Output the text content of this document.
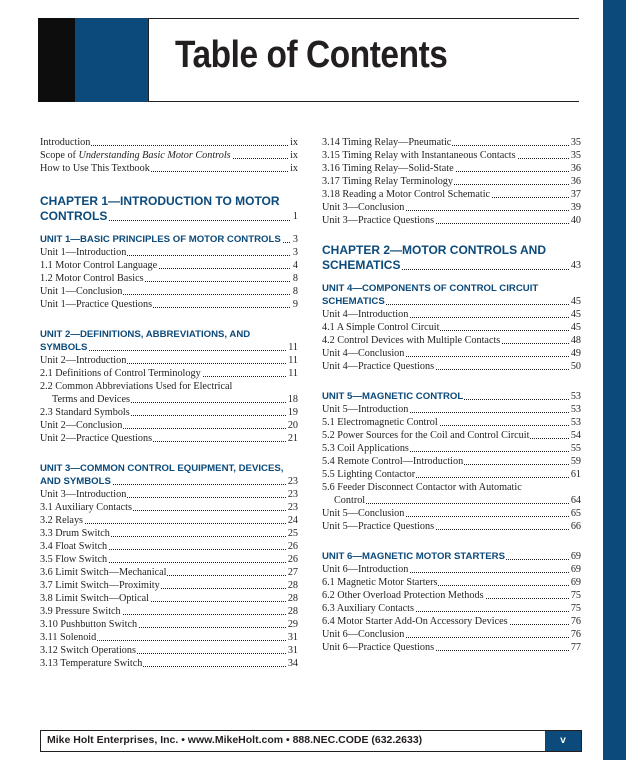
Table of Contents
Introduction	ix
Scope of Understanding Basic Motor Controls	ix
How to Use This Textbook	ix
CHAPTER 1—INTRODUCTION TO MOTOR
CONTROLS	1
UNIT 1—BASIC PRINCIPLES OF MOTOR CONTROLS 3
Unit 1—Introduction	3
1.1 Motor Control Language	4
1.2 Motor Control Basics	8
Unit 1—Conclusion	8
Unit 1—Practice Questions	9
UNIT 2—DEFINITIONS, ABBREVIATIONS, AND
SYMBOLS	11
Unit 2—Introduction	11
2.1 Definitions of Control Terminology	11
2.2 Common Abbreviations Used for Electrical
Terms and Devices	18
2.3 Standard Symbols	19
Unit 2—Conclusion	20
Unit 2—Practice Questions	21
UNIT 3—COMMON CONTROL EQUIPMENT, DEVICES,
AND SYMBOLS	23
Unit 3—Introduction	23
3.1 Auxiliary Contacts	23
3.2 Relays	24
3.3 Drum Switch	25
3.4 Float Switch	26
3.5 Flow Switch	26
3.6 Limit Switch—Mechanical	27
3.7 Limit Switch—Proximity	28
3.8 Limit Switch—Optical	28
3.9 Pressure Switch	28
3.10 Pushbutton Switch	29
3.11 Solenoid	31
3.12 Switch Operations	31
3.13 Temperature Switch	34
3.14 Timing Relay—Pneumatic	35
3.15 Timing Relay with Instantaneous Contacts	35
3.16 Timing Relay—Solid-State	36
3.17 Timing Relay Terminology	36
3.18 Reading a Motor Control Schematic	37
Unit 3—Conclusion	39
Unit 3—Practice Questions	40
CHAPTER 2—MOTOR CONTROLS AND
SCHEMATICS	43
UNIT 4—COMPONENTS OF CONTROL CIRCUIT
SCHEMATICS	45
Unit 4—Introduction	45
4.1 A Simple Control Circuit	45
4.2 Control Devices with Multiple Contacts	48
Unit 4—Conclusion	49
Unit 4—Practice Questions	50
UNIT 5—MAGNETIC CONTROL	53
Unit 5—Introduction	53
5.1 Electromagnetic Control	53
5.2 Power Sources for the Coil and Control Circuit	54
5.3 Coil Applications	55
5.4 Remote Control—Introduction	59
5.5 Lighting Contactor	61
5.6 Feeder Disconnect Contactor with Automatic
Control	64
Unit 5—Conclusion	65
Unit 5—Practice Questions	66
UNIT 6—MAGNETIC MOTOR STARTERS	69
Unit 6—Introduction	69
6.1 Magnetic Motor Starters	69
6.2 Other Overload Protection Methods	75
6.3 Auxiliary Contacts	75
6.4 Motor Starter Add-On Accessory Devices	76
Unit 6—Conclusion	76
Unit 6—Practice Questions	77
Mike Holt Enterprises, Inc. • www.MikeHolt.com • 888.NEC.CODE (632.2633)	v
